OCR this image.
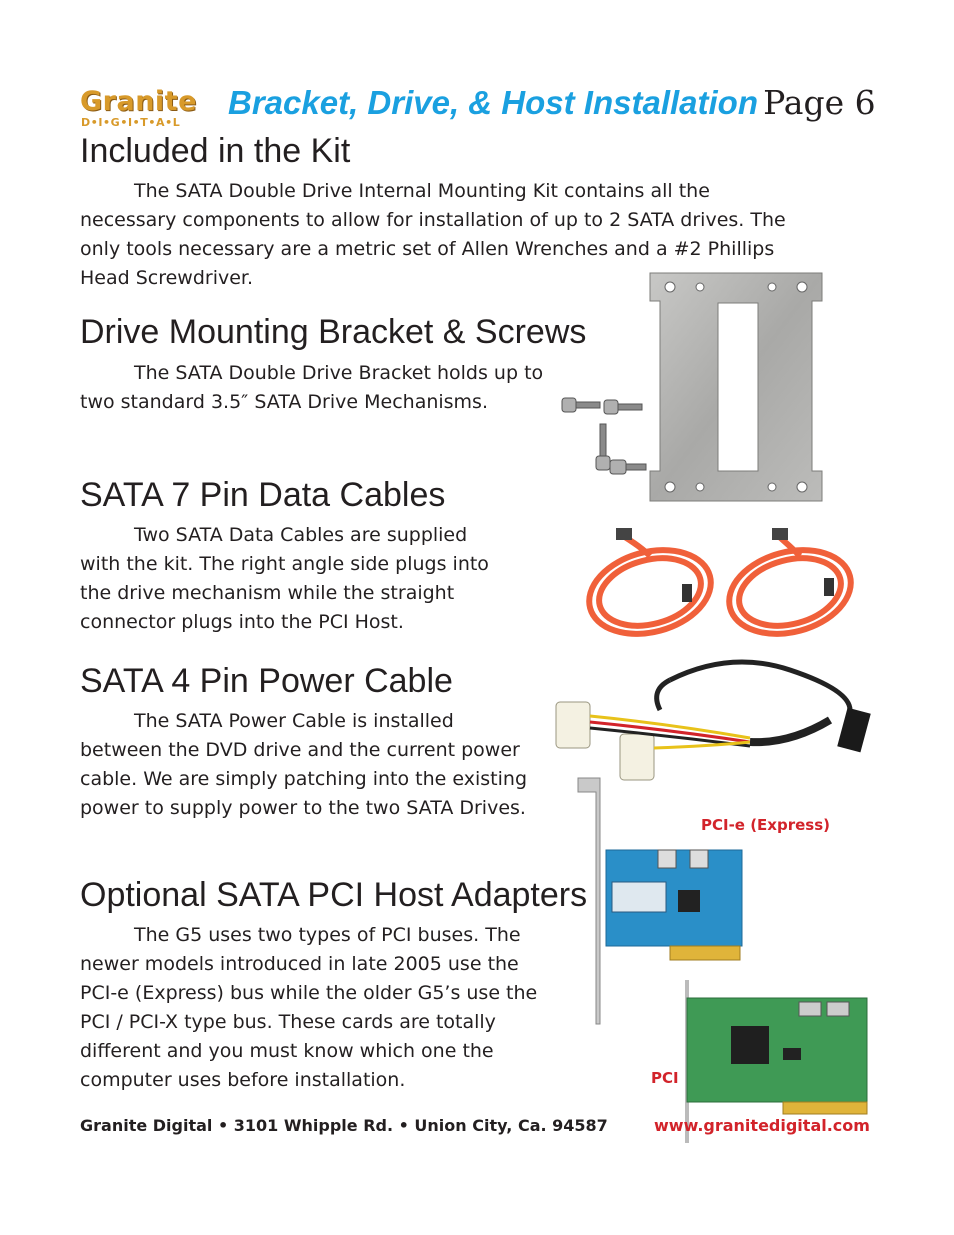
Granite
D•I•G•I•T•A•L
Bracket, Drive, & Host Installation Page 6
Included in the Kit
The SATA Double Drive Internal Mounting Kit contains all the
necessary components to allow for installation of up to 2 SATA drives. The
only tools necessary are a metric set of Allen Wrenches and a #2 Phillips
Head Screwdriver.
Drive Mounting Bracket & Screws
The SATA Double Drive Bracket holds up to
two standard 3.5″ SATA Drive Mechanisms.
SATA 7 Pin Data Cables
Two SATA Data Cables are supplied
with the kit. The right angle side plugs into
the drive mechanism while the straight
connector plugs into the PCI Host.
SATA 4 Pin Power Cable
The SATA Power Cable is installed
between the DVD drive and the current power
cable. We are simply patching into the existing
power to supply power to the two SATA Drives.
Optional SATA PCI Host Adapters
The G5 uses two types of PCI buses. The
newer models introduced in late 2005 use the
PCI-e (Express) bus while the older G5’s use the
PCI / PCI-X type bus. These cards are totally
different and you must know which one the
computer uses before installation.
PCI-e (Express)
PCI
Granite Digital • 3101 Whipple Rd. • Union City, Ca. 94587	www.granitedigital.com
